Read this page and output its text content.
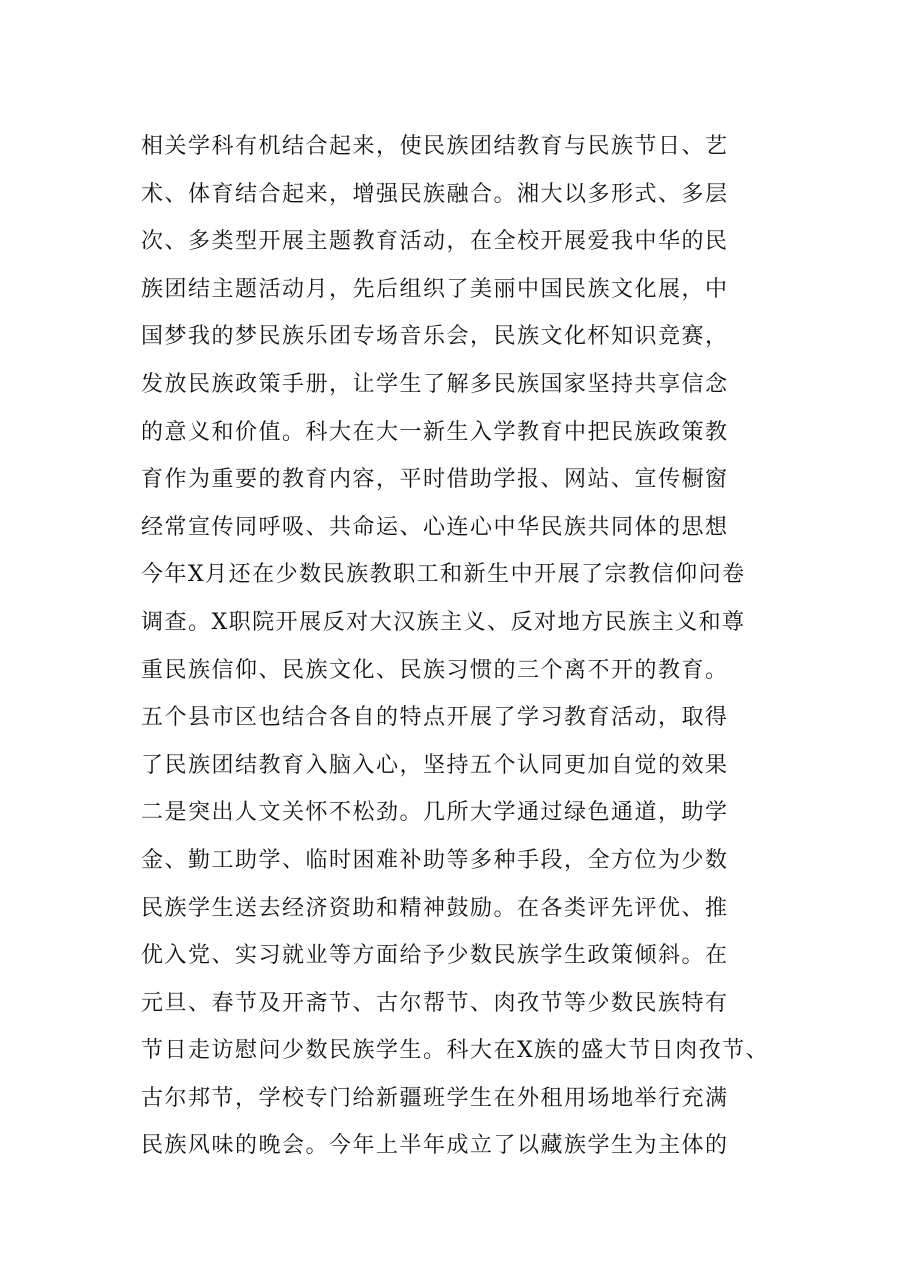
相关学科有机结合起来，使民族团结教育与民族节日、艺
术、体育结合起来，增强民族融合。湘大以多形式、多层
次、多类型开展主题教育活动，在全校开展爱我中华的民
族团结主题活动月，先后组织了美丽中国民族文化展，中
国梦我的梦民族乐团专场音乐会，民族文化杯知识竞赛，
发放民族政策手册，让学生了解多民族国家坚持共享信念
的意义和价值。科大在大一新生入学教育中把民族政策教
育作为重要的教育内容，平时借助学报、网站、宣传橱窗
经常宣传同呼吸、共命运、心连心中华民族共同体的思想
今年X月还在少数民族教职工和新生中开展了宗教信仰问卷
调查。X职院开展反对大汉族主义、反对地方民族主义和尊
重民族信仰、民族文化、民族习惯的三个离不开的教育。
五个县市区也结合各自的特点开展了学习教育活动，取得
了民族团结教育入脑入心，坚持五个认同更加自觉的效果
二是突出人文关怀不松劲。几所大学通过绿色通道，助学
金、勤工助学、临时困难补助等多种手段，全方位为少数
民族学生送去经济资助和精神鼓励。在各类评先评优、推
优入党、实习就业等方面给予少数民族学生政策倾斜。在
元旦、春节及开斋节、古尔帮节、肉孜节等少数民族特有
节日走访慰问少数民族学生。科大在X族的盛大节日肉孜节、
古尔邦节，学校专门给新疆班学生在外租用场地举行充满
民族风味的晚会。今年上半年成立了以藏族学生为主体的
